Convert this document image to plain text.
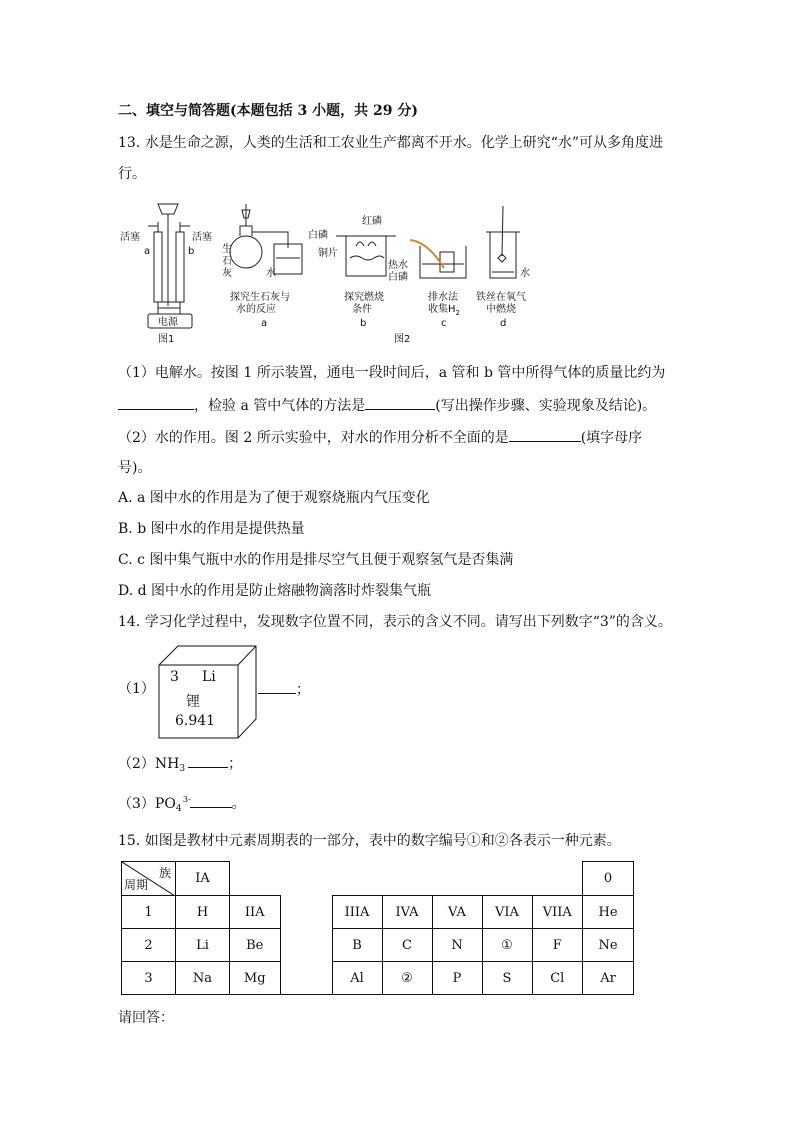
二、填空与简答题(本题包括 3 小题，共 29 分)
13. 水是生命之源，人类的生活和工农业生产都离不开水。化学上研究“水”可从多角度进
行。
活塞	活塞
a	b
电源
图1
生
石
灰	水
探究生石灰与
水的反应
a
白磷
红磷
铜片
热水
白磷
探究燃烧
条件
b
排水法
收集$H_2$
c
水
铁丝在氧气
中燃烧
d
图2
（1）电解水。按图 1 所示装置，通电一段时间后，a 管和 b 管中所得气体的质量比约为
，检验 a 管中气体的方法是	(写出操作步骤、实验现象及结论)。
（2）水的作用。图 2 所示实验中，对水的作用分析不全面的是	(填字母序
号)。
A. a 图中水的作用是为了便于观察烧瓶内气压变化
B. b 图中水的作用是提供热量
C. c 图中集气瓶中水的作用是排尽空气且便于观察氢气是否集满
D. d 图中水的作用是防止熔融物滴落时炸裂集气瓶
14. 学习化学过程中，发现数字位置不同，表示的含义不同。请写出下列数字“3”的含义。
（1）
3 Li
锂
6.941
；
$(2)NH_3$	；
（3）PO 3-
$_4$	。
15. 如图是教材中元素周期表的一部分，表中的数字编号①和②各表示一种元素。
族
周期	IA								0
1	H	IIA		IIIA	IVA	VA	VIA	VIIA	He
2	Li	Be		B	C	N	①	F	Ne
3	Na	Mg		Al	②	P	S	Cl	Ar
请回答：
